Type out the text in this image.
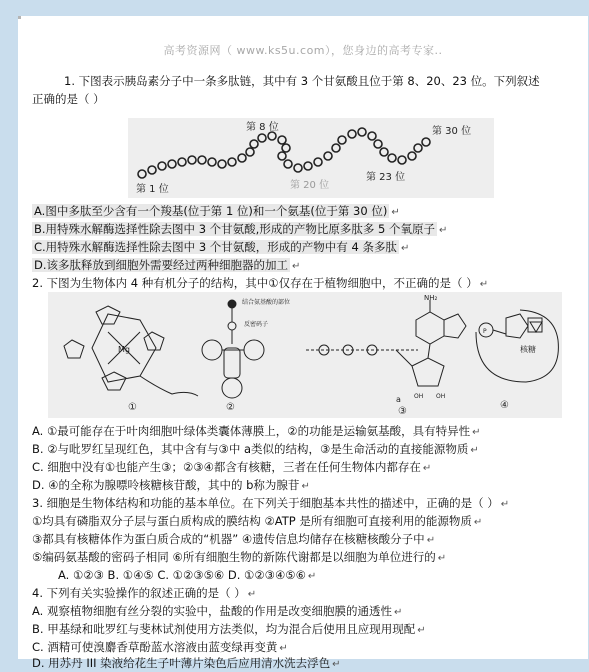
高考资源网（ www.ks5u.com），您身边的高考专家..
1. 下图表示胰岛素分子中一条多肽链，其中有 3 个甘氨酸且位于第 8、20、23 位。下列叙述
正确的是（ ）
第 1 位
第 8 位
第 20 位
第 23 位
第 30 位
A.图中多肽至少含有一个羧基(位于第 1 位)和一个氨基(位于第 30 位) ↵
B.用特殊水解酶选择性除去图中 3 个甘氨酸,形成的产物比原多肽多 5 个氧原子 ↵
C.用特殊水解酶选择性除去图中 3 个甘氨酸，形成的产物中有 4 条多肽 ↵
D.该多肽释放到细胞外需要经过两种细胞器的加工 ↵
2. 下图为生物体内 4 种有机分子的结构，其中①仅存在于植物细胞中，不正确的是（ ） ↵
Mg
①
结合氨基酸的部位
反密码子
②
NH₂
OH OH
a
③
核糖
P
④
A. ①最可能存在于叶肉细胞叶绿体类囊体薄膜上，②的功能是运输氨基酸，具有特异性 ↵
B. ②与吡罗红呈现红色，其中含有与③中 a类似的结构，③是生命活动的直接能源物质 ↵
C. 细胞中没有①也能产生③；②③④都含有核糖，三者在任何生物体内都存在 ↵
D. ④的全称为腺嘌呤核糖核苷酸，其中的 b称为腺苷 ↵
3. 细胞是生物体结构和功能的基本单位。在下列关于细胞基本共性的描述中，正确的是（ ） ↵
①均具有磷脂双分子层与蛋白质构成的膜结构 ②ATP 是所有细胞可直接利用的能源物质 ↵
③都具有核糖体作为蛋白质合成的“机器” ④遗传信息均储存在核糖核酸分子中 ↵
⑤编码氨基酸的密码子相同 ⑥所有细胞生物的新陈代谢都是以细胞为单位进行的 ↵
A. ①②③ B. ①④⑤ C. ①②③⑤⑥ D. ①②③④⑤⑥ ↵
4. 下列有关实验操作的叙述正确的是（ ） ↵
A. 观察植物细胞有丝分裂的实验中，盐酸的作用是改变细胞膜的通透性 ↵
B. 甲基绿和吡罗红与斐林试剂使用方法类似，均为混合后使用且应现用现配 ↵
C. 酒精可使溴麝香草酚蓝水溶液由蓝变绿再变黄 ↵
D. 用苏丹 III 染液给花生子叶薄片染色后应用清水洗去浮色 ↵
